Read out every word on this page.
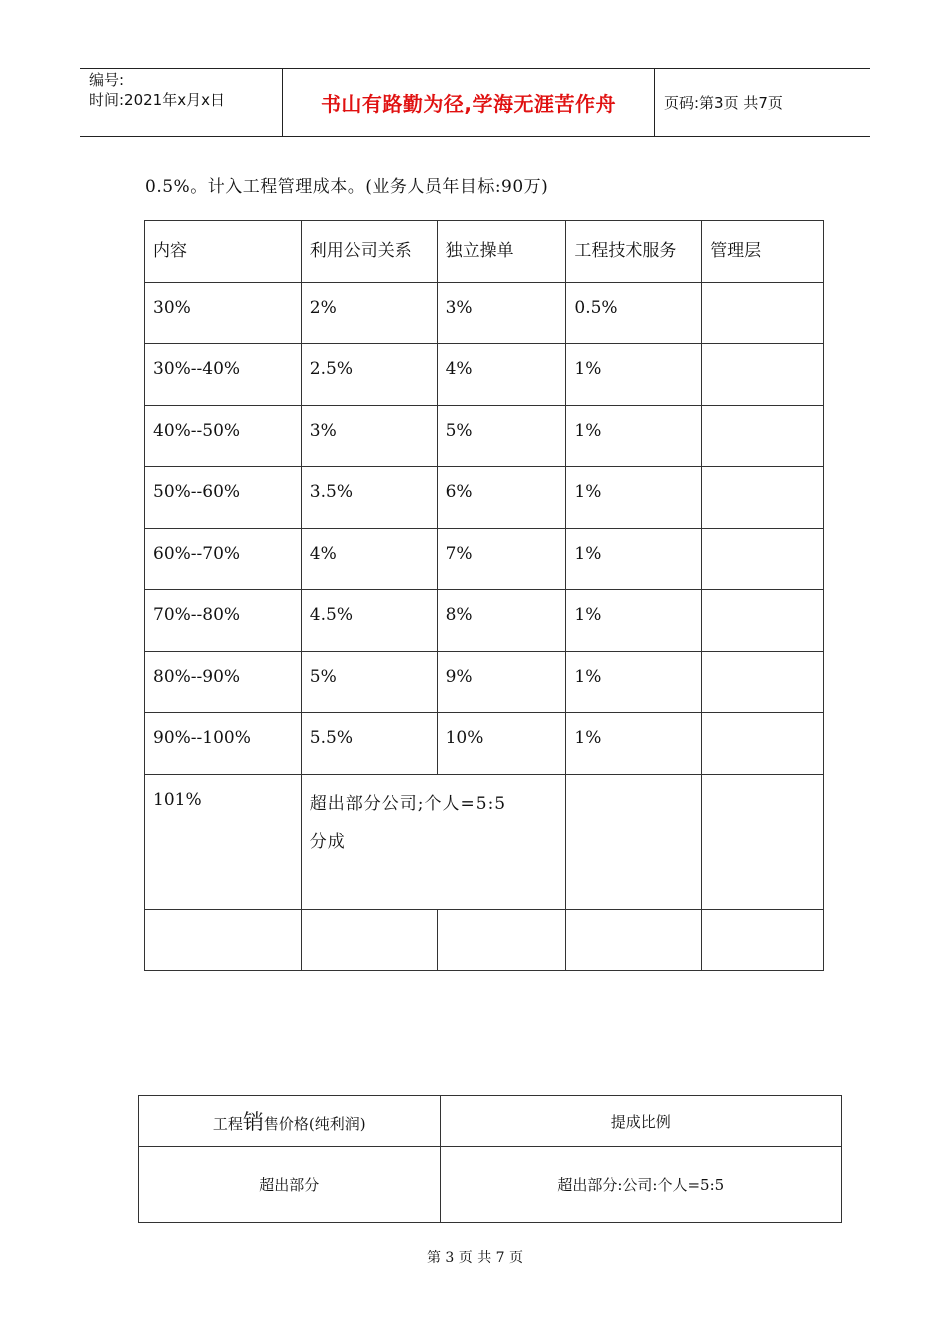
编号:
时间:2021年x月x日	书山有路勤为径,学海无涯苦作舟	页码:第3页 共7页
0.5%。计入工程管理成本。(业务人员年目标:90万)
内容	利用公司关系	独立操单	工程技术服务	管理层
30%	2%	3%	0.5%	
30%--40%	2.5%	4%	1%	
40%--50%	3%	5%	1%	
50%--60%	3.5%	6%	1%	
60%--70%	4%	7%	1%	
70%--80%	4.5%	8%	1%	
80%--90%	5%	9%	1%	
90%--100%	5.5%	10%	1%	
101%	超出部分公司;个人=5:5
分成			

工程销售价格(纯利润)	提成比例
超出部分	超出部分:公司:个人=5:5
第 3 页 共 7 页
